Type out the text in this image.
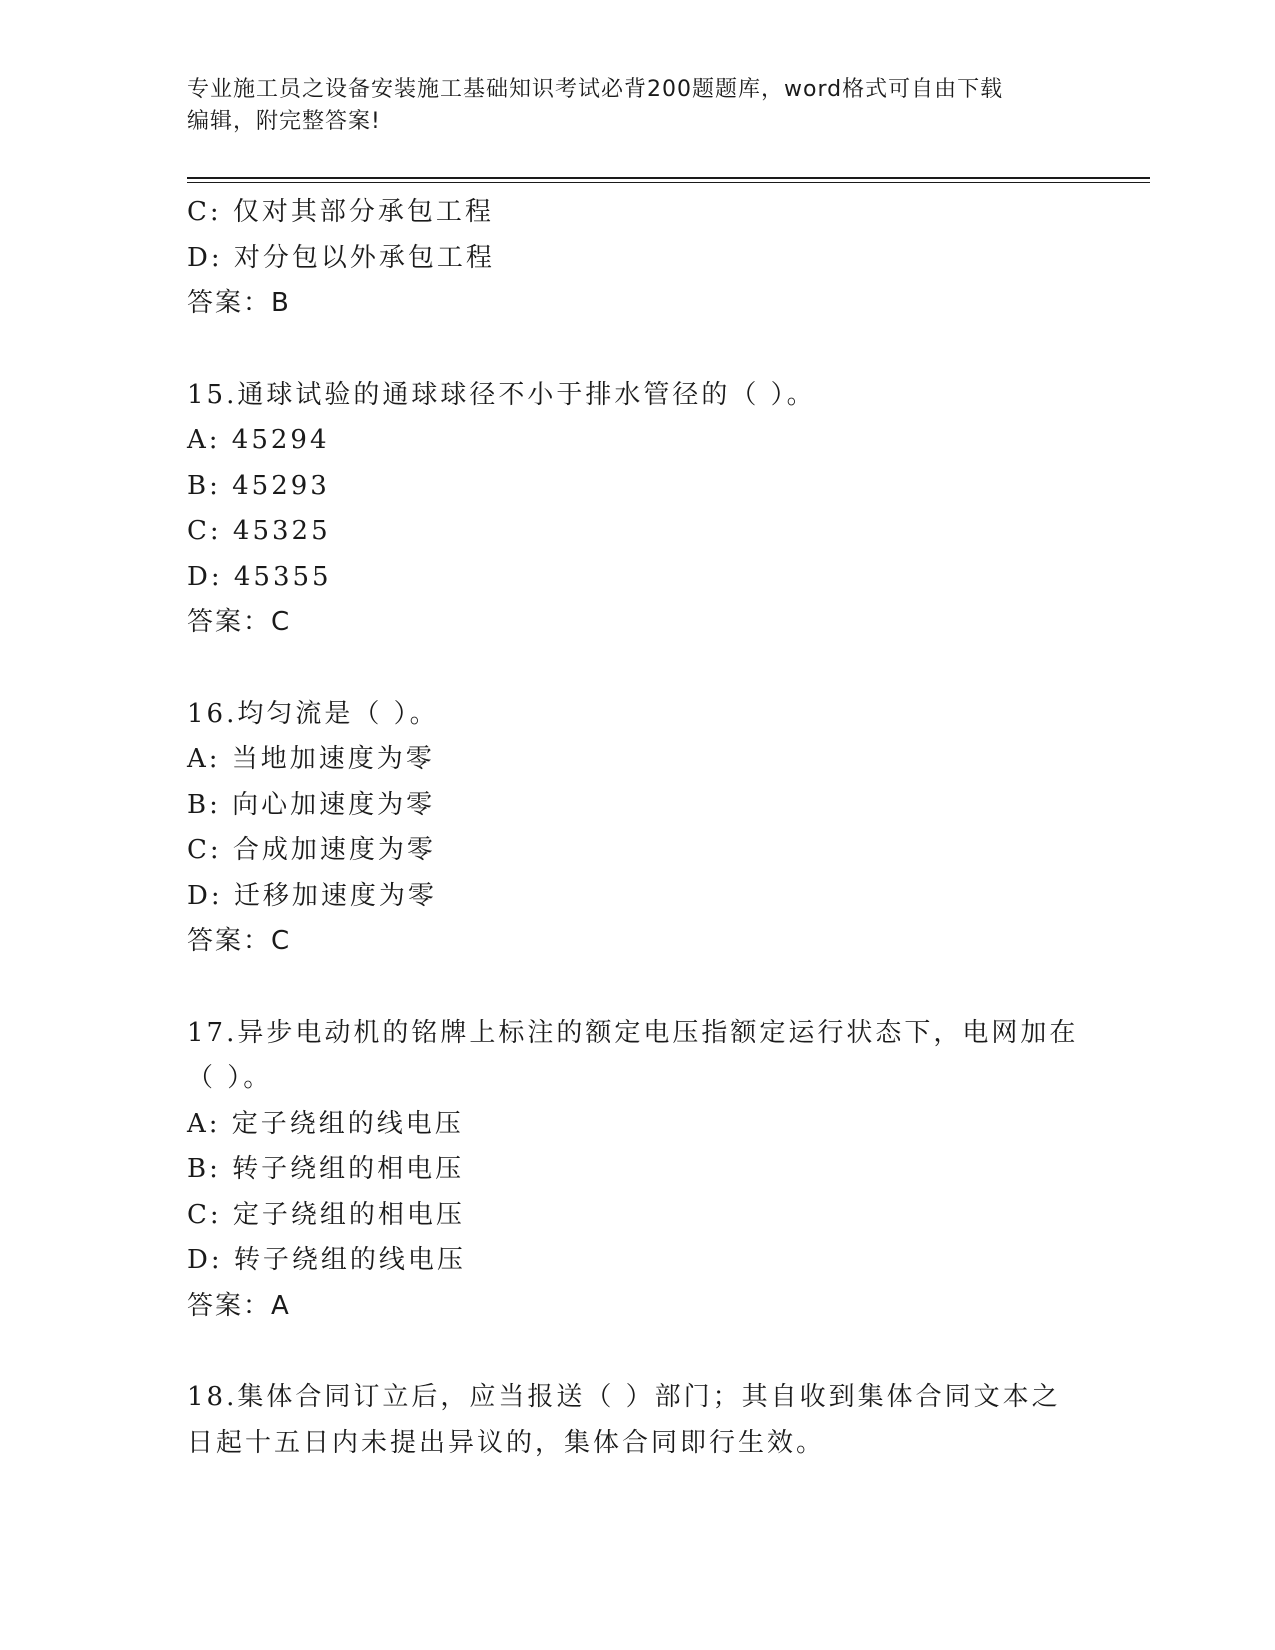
专业施工员之设备安装施工基础知识考试必背200题题库，word格式可自由下载
编辑，附完整答案!
C: 仅对其部分承包工程
D: 对分包以外承包工程
答案：B
15.通球试验的通球球径不小于排水管径的（ ）。
A: 45294
B: 45293
C: 45325
D: 45355
答案：C
16.均匀流是（ ）。
A: 当地加速度为零
B: 向心加速度为零
C: 合成加速度为零
D: 迁移加速度为零
答案：C
17.异步电动机的铭牌上标注的额定电压指额定运行状态下，电网加在
（ ）。
A: 定子绕组的线电压
B: 转子绕组的相电压
C: 定子绕组的相电压
D: 转子绕组的线电压
答案：A
18.集体合同订立后，应当报送（ ）部门；其自收到集体合同文本之
日起十五日内未提出异议的，集体合同即行生效。
